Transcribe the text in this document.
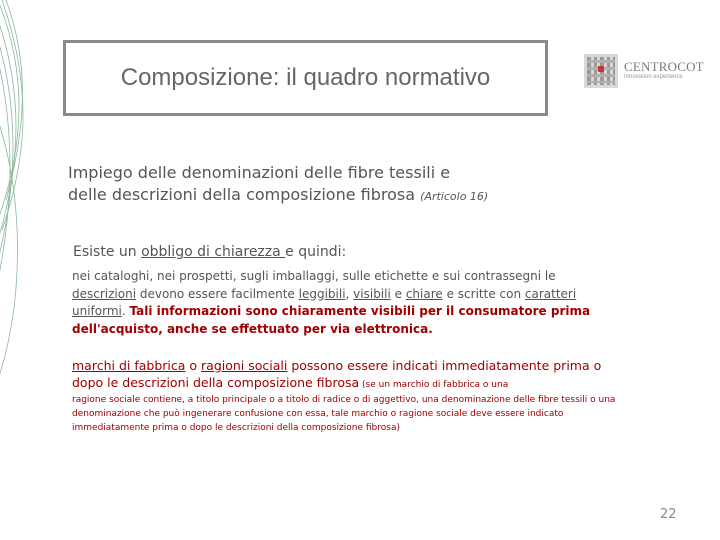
Composizione: il quadro normativo	CENTROCOT
Innovation experience
Impiego delle denominazioni delle fibre tessili e
delle descrizioni della composizione fibrosa (Articolo 16)
Esiste un obbligo di chiarezza e quindi:
nei cataloghi, nei prospetti, sugli imballaggi, sulle etichette e sui contrassegni le descrizioni devono essere facilmente leggibili, visibili e chiare e scritte con caratteri uniformi. Tali informazioni sono chiaramente visibili per il consumatore prima dell'acquisto, anche se effettuato per via elettronica.
marchi di fabbrica o ragioni sociali possono essere indicati immediatamente prima o dopo le descrizioni della composizione fibrosa (se un marchio di fabbrica o una
ragione sociale contiene, a titolo principale o a titolo di radice o di aggettivo, una denominazione delle fibre tessili o una denominazione che può ingenerare confusione con essa, tale marchio o ragione sociale deve essere indicato immediatamente prima o dopo le descrizioni della composizione fibrosa)
22
